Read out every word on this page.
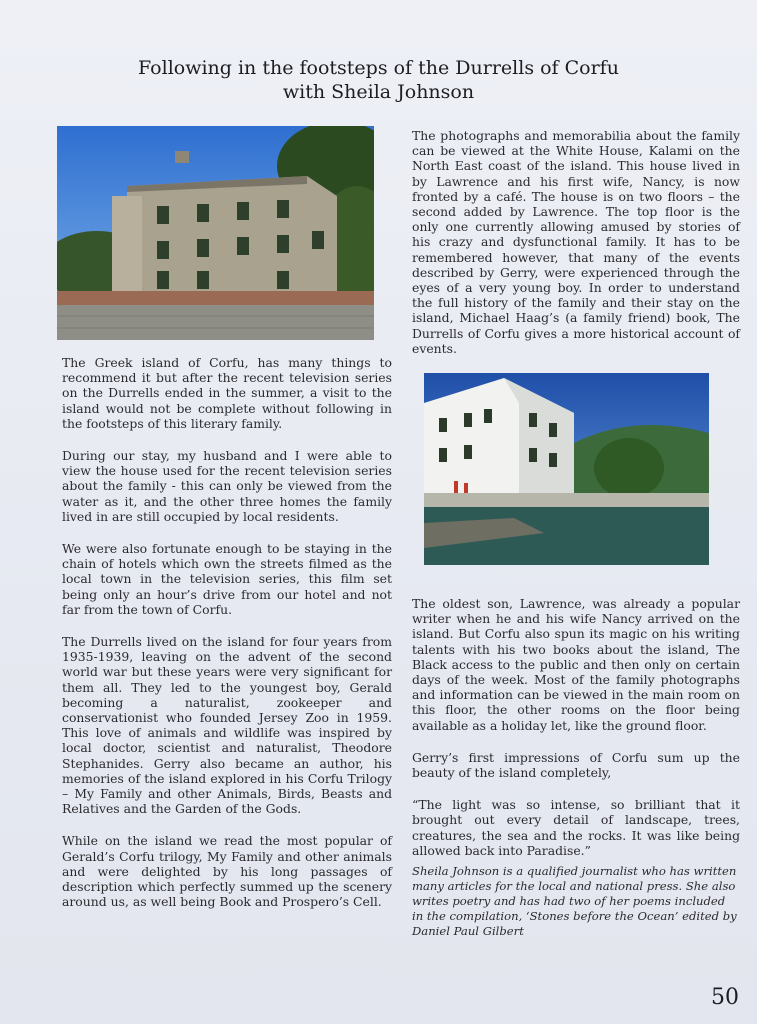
Following in the footsteps of the Durrells of Corfu
with Sheila Johnson

The Greek island of Corfu, has many things to recommend it but after the recent television series on the Durrells ended in the summer, a visit to the island would not be complete without following in the footsteps of this literary family.

During our stay, my husband and I were able to view the house used for the recent television series about the family - this can only be viewed from the water as it, and the other three homes the family lived in are still occupied by local residents.

We were also fortunate enough to be staying in the chain of hotels which own the streets filmed as the local town in the television series, this film set being only an hour’s drive from our hotel and not far from the town of Corfu.

The Durrells lived on the island for four years from 1935-1939, leaving on the advent of the second world war but these years were very significant for them all. They led to the youngest boy, Gerald becoming a naturalist, zookeeper and conservationist who founded Jersey Zoo in 1959. This love of animals and wildlife was inspired by local doctor, scientist and naturalist, Theodore Stephanides. Gerry also became an author, his memories of the island explored in his Corfu Trilogy – My Family and other Animals, Birds, Beasts and Relatives and the Garden of the Gods.

While on the island we read the most popular of Gerald’s Corfu trilogy, My Family and other animals and were delighted by his long passages of description which perfectly summed up the scenery around us, as well being Book and Prospero’s Cell.

The photographs and memorabilia about the family can be viewed at the White House, Kalami on the North East coast of the island. This house lived in by Lawrence and his first wife, Nancy, is now fronted by a café. The house is on two floors – the second added by Lawrence. The top floor is the only one currently allowing amused by stories of his crazy and dysfunctional family. It has to be remembered however, that many of the events described by Gerry, were experienced through the eyes of a very young boy. In order to understand the full history of the family and their stay on the island, Michael Haag’s (a family friend) book, The Durrells of Corfu gives a more historical account of events.

The oldest son, Lawrence, was already a popular writer when he and his wife Nancy arrived on the island. But Corfu also spun its magic on his writing talents with his two books about the island, The Black access to the public and then only on certain days of the week. Most of the family photographs and information can be viewed in the main room on this floor, the other rooms on the floor being available as a holiday let, like the ground floor.

Gerry’s first impressions of Corfu sum up the beauty of the island completely,

“The light was so intense, so brilliant that it brought out every detail of landscape, trees, creatures, the sea and the rocks. It was like being allowed back into Paradise.”

Sheila Johnson is a qualified journalist who has written many articles for the local and national press. She also writes poetry and has had two of her poems included in the compilation, ‘Stones before the Ocean’ edited by Daniel Paul Gilbert

50
